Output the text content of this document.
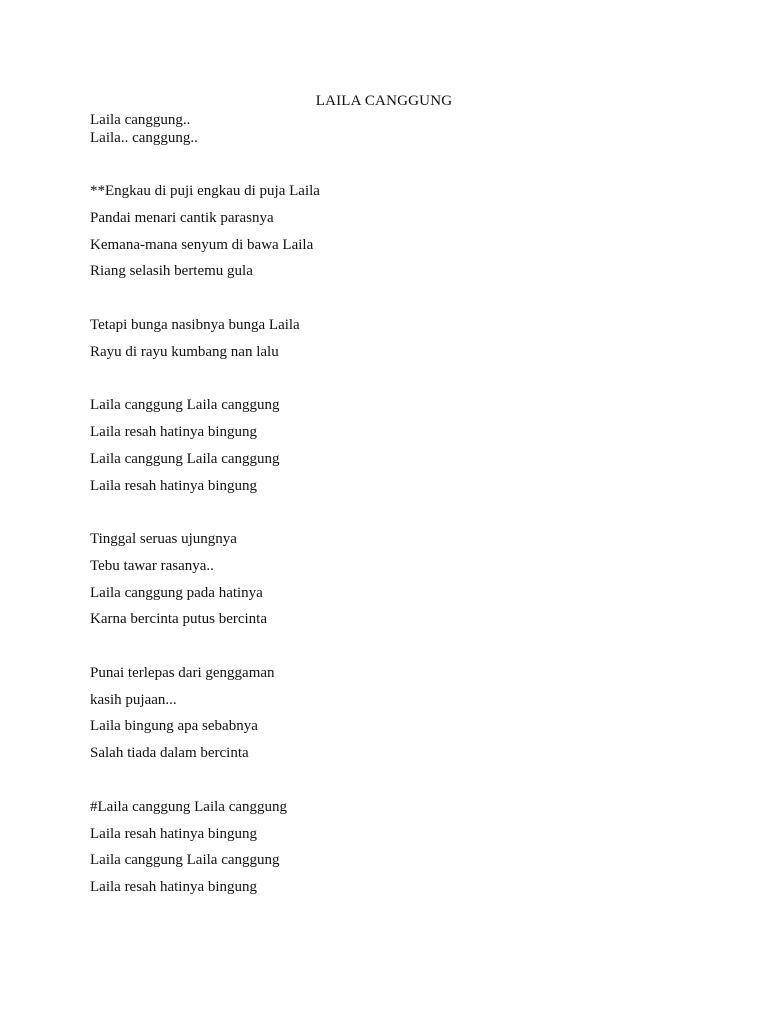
LAILA CANGGUNG
Laila canggung..
Laila.. canggung..
**Engkau di puji engkau di puja Laila
Pandai menari cantik parasnya
Kemana-mana senyum di bawa Laila
Riang selasih bertemu gula
Tetapi bunga nasibnya bunga Laila
Rayu di rayu kumbang nan lalu
Laila canggung Laila canggung
Laila resah hatinya bingung
Laila canggung Laila canggung
Laila resah hatinya bingung
Tinggal seruas ujungnya
Tebu tawar rasanya..
Laila canggung pada hatinya
Karna bercinta putus bercinta
Punai terlepas dari genggaman
kasih pujaan...
Laila bingung apa sebabnya
Salah tiada dalam bercinta
#Laila canggung Laila canggung
Laila resah hatinya bingung
Laila canggung Laila canggung
Laila resah hatinya bingung
